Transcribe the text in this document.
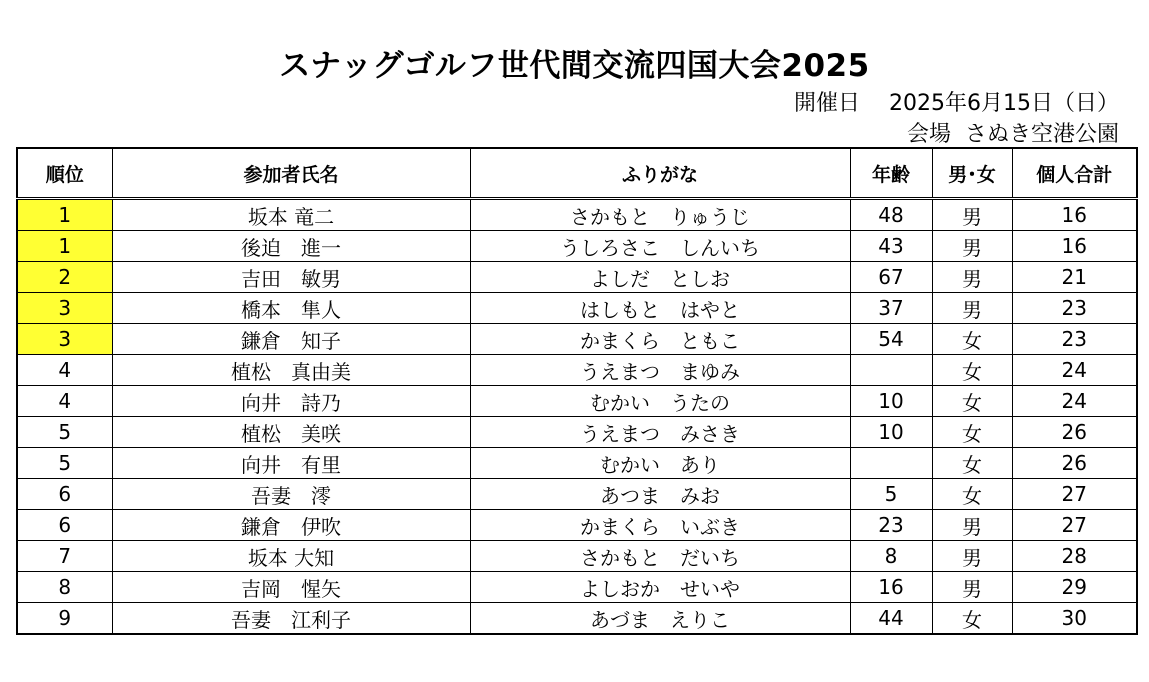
スナッグゴルフ世代間交流四国大会2025
開催日　 2025年6月15日（日）
会場  さぬき空港公園
順位	参加者氏名	ふりがな	年齢	男･女	個人合計
1	坂本 竜二	さかもと　りゅうじ	48	男	16
1	後迫　進一	うしろさこ　しんいち	43	男	16
2	吉田　敏男	よしだ　としお	67	男	21
3	橋本　隼人	はしもと　はやと	37	男	23
3	鎌倉　知子	かまくら　ともこ	54	女	23
4	植松　真由美	うえまつ　まゆみ		女	24
4	向井　詩乃	むかい　うたの	10	女	24
5	植松　美咲	うえまつ　みさき	10	女	26
5	向井　有里	むかい　あり		女	26
6	吾妻　澪	あつま　みお	5	女	27
6	鎌倉　伊吹	かまくら　いぶき	23	男	27
7	坂本 大知	さかもと　だいち	8	男	28
8	吉岡　惺矢	よしおか　せいや	16	男	29
9	吾妻　江利子	あづま　えりこ	44	女	30
